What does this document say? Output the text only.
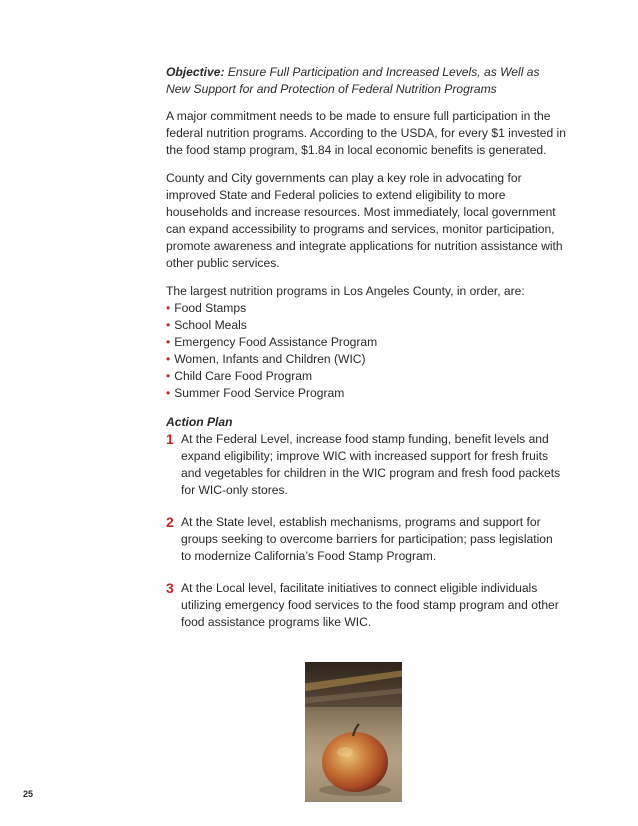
Objective: Ensure Full Participation and Increased Levels, as Well as New Support for and Protection of Federal Nutrition Programs

A major commitment needs to be made to ensure full participation in the federal nutrition programs. According to the USDA, for every $1 invested in the food stamp program, $1.84 in local economic benefits is generated.

County and City governments can play a key role in advocating for improved State and Federal policies to extend eligibility to more households and increase resources. Most immediately, local government can expand accessibility to programs and services, monitor participation, promote awareness and integrate applications for nutrition assistance with other public services.

The largest nutrition programs in Los Angeles County, in order, are:

• Food Stamps
• School Meals
• Emergency Food Assistance Program
• Women, Infants and Children (WIC)
• Child Care Food Program
• Summer Food Service Program

Action Plan

1 At the Federal Level, increase food stamp funding, benefit levels and expand eligibility; improve WIC with increased support for fresh fruits and vegetables for children in the WIC program and fresh food packets for WIC-only stores.
2 At the State level, establish mechanisms, programs and support for groups seeking to overcome barriers for participation; pass legislation to modernize California’s Food Stamp Program.
3 At the Local level, facilitate initiatives to connect eligible individuals utilizing emergency food services to the food stamp program and other food assistance programs like WIC.
25
